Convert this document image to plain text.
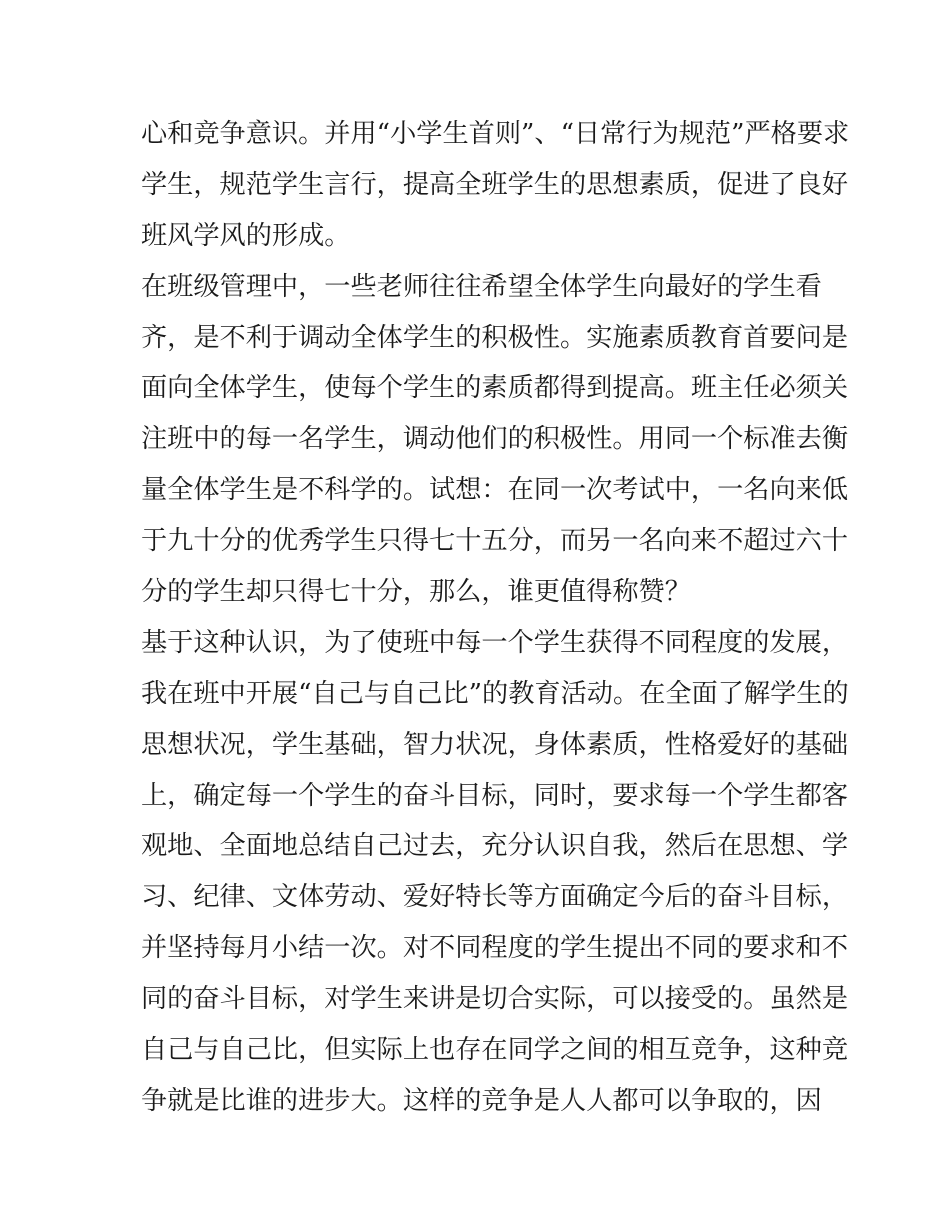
心和竞争意识。并用“小学生首则”、“日常行为规范”严格要求
学生，规范学生言行，提高全班学生的思想素质，促进了良好
班风学风的形成。
在班级管理中，一些老师往往希望全体学生向最好的学生看
齐，是不利于调动全体学生的积极性。实施素质教育首要问是
面向全体学生，使每个学生的素质都得到提高。班主任必须关
注班中的每一名学生，调动他们的积极性。用同一个标准去衡
量全体学生是不科学的。试想：在同一次考试中，一名向来低
于九十分的优秀学生只得七十五分，而另一名向来不超过六十
分的学生却只得七十分，那么，谁更值得称赞？
基于这种认识，为了使班中每一个学生获得不同程度的发展，
我在班中开展“自己与自己比”的教育活动。在全面了解学生的
思想状况，学生基础，智力状况，身体素质，性格爱好的基础
上，确定每一个学生的奋斗目标，同时，要求每一个学生都客
观地、全面地总结自己过去，充分认识自我，然后在思想、学
习、纪律、文体劳动、爱好特长等方面确定今后的奋斗目标，
并坚持每月小结一次。对不同程度的学生提出不同的要求和不
同的奋斗目标，对学生来讲是切合实际，可以接受的。虽然是
自己与自己比，但实际上也存在同学之间的相互竞争，这种竞
争就是比谁的进步大。这样的竞争是人人都可以争取的，因
